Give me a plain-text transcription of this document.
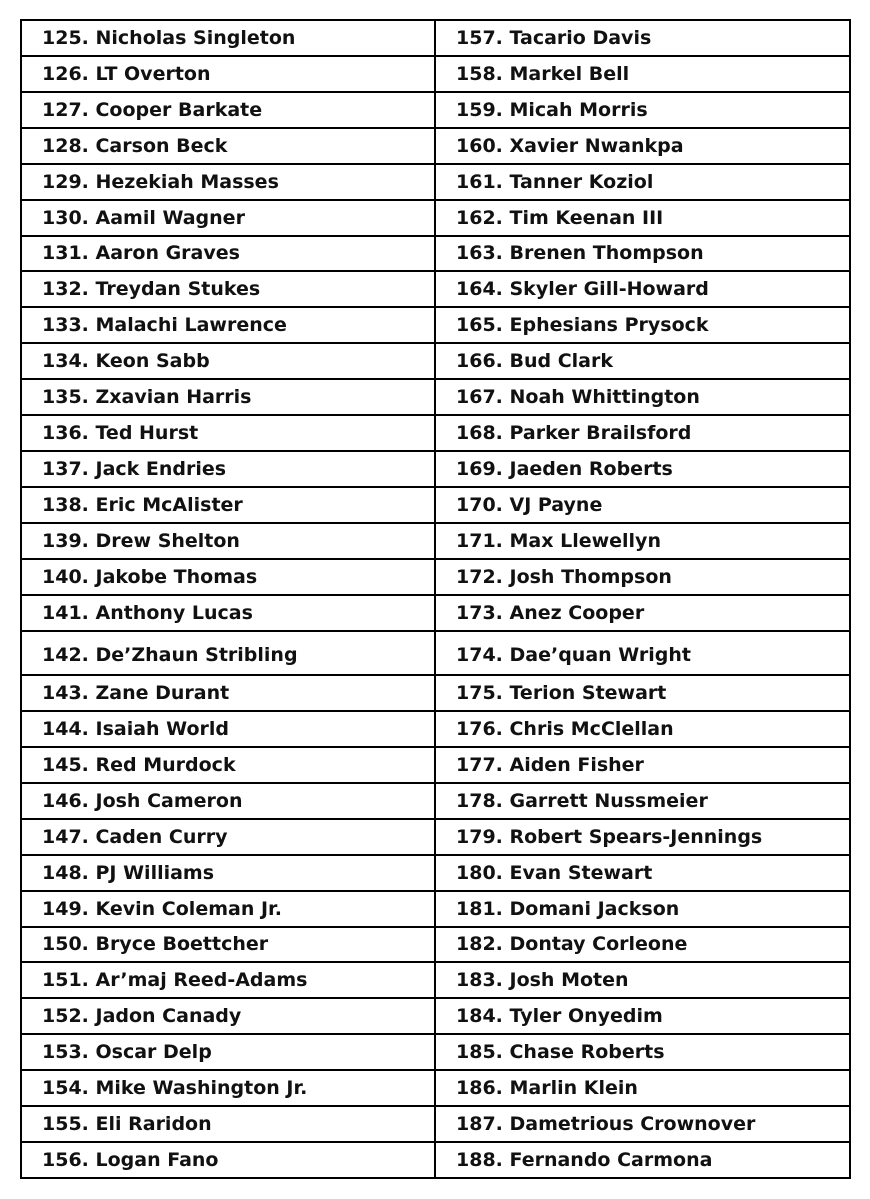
125. Nicholas Singleton	157. Tacario Davis
126. LT Overton	158. Markel Bell
127. Cooper Barkate	159. Micah Morris
128. Carson Beck	160. Xavier Nwankpa
129. Hezekiah Masses	161. Tanner Koziol
130. Aamil Wagner	162. Tim Keenan III
131. Aaron Graves	163. Brenen Thompson
132. Treydan Stukes	164. Skyler Gill-Howard
133. Malachi Lawrence	165. Ephesians Prysock
134. Keon Sabb	166. Bud Clark
135. Zxavian Harris	167. Noah Whittington
136. Ted Hurst	168. Parker Brailsford
137. Jack Endries	169. Jaeden Roberts
138. Eric McAlister	170. VJ Payne
139. Drew Shelton	171. Max Llewellyn
140. Jakobe Thomas	172. Josh Thompson
141. Anthony Lucas	173. Anez Cooper
142. De’Zhaun Stribling	174. Dae’quan Wright
143. Zane Durant	175. Terion Stewart
144. Isaiah World	176. Chris McClellan
145. Red Murdock	177. Aiden Fisher
146. Josh Cameron	178. Garrett Nussmeier
147. Caden Curry	179. Robert Spears-Jennings
148. PJ Williams	180. Evan Stewart
149. Kevin Coleman Jr.	181. Domani Jackson
150. Bryce Boettcher	182. Dontay Corleone
151. Ar’maj Reed-Adams	183. Josh Moten
152. Jadon Canady	184. Tyler Onyedim
153. Oscar Delp	185. Chase Roberts
154. Mike Washington Jr.	186. Marlin Klein
155. Eli Raridon	187. Dametrious Crownover
156. Logan Fano	188. Fernando Carmona
